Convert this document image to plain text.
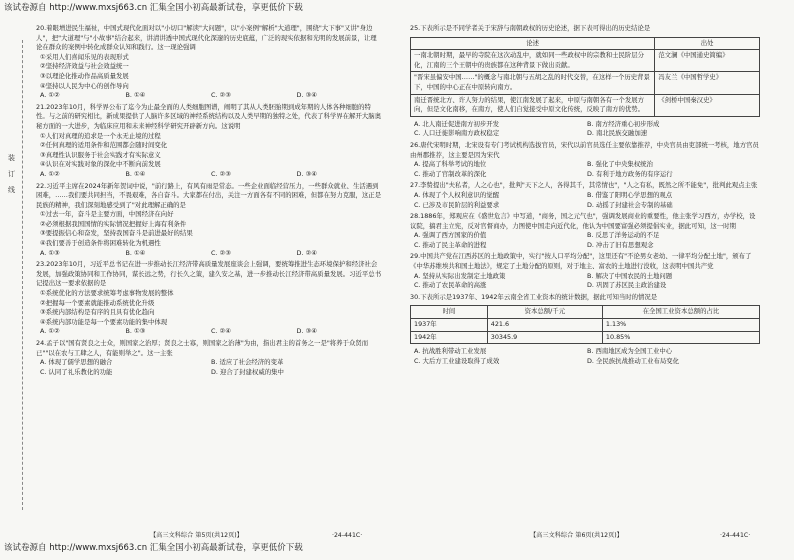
该试卷源自 http://www.mxsj663.cn 汇集全国小初高最新试卷，享更低价下载
装 订 线

20.着眼增进民生福祉，中国式现代化面对以"小切口"解读"大问题"，以"小案例"解析"大道理"，围绕"大下事"又讲"身边人"，把"大道理"与"小故事"结合起来，讲清讲透中国式现代化深邃的历史底蕴，广泛的现实依据和光明的发展前景，让理论在群众的案例中转化成群众认知和践行。这一现论强调

①采用人们喜闻乐见的表现形式

②坚持经济效益与社会效益统一

③以理论化推动作品高质量发展

④坚持以人民为中心的创作导向

A. ①②	B. ①④	C. ②③	D. ③④

21.2023年10月，科学界公布了迄今为止最全面的人类细胞图谱，阐明了其从人类胚胎期到成年期的人体各种细胞的特性。与之前的研究相比，新成果提供了人脑许多区域的神经系统结构以及人类早期的独特之处，代表了科学界在解开大脑奥秘方面的一大进步，为临床应用和未来神经科学研究开辟新方向。这说明

①人们对真理的追求是一个永无止境的过程

②任何真理的适用条件和范围都会随时间变化

③真理性认识服务于社会实践才有实际意义

④认识在对实践对象的深化中不断向前发展

A. ①②	B. ①④	C. ②③	D. ③④

22.习近平主席在2024年新年贺词中说，"前行路上，有风有雨是常态。一些企业面临经营压力，一些群众就业、生活遇到困难，……我们要共同担当，不畏艰难，各自奋斗。大家都在付出，关注一方面各有不同的困难，但都在努力克服，这正是民族的精神，我们深刻地感受到了"对此理解正确的是

①过去一年，奋斗是主要方面，中国经济在向好

②必须根据我国国情的实际情况把握好上海有利条件

③要提振信心和奋发，坚持我国奋斗是前进最好的结果

④我们要善于创造条件将困难转化为机遇性

A. ①③	B. ①④	C. ②③	D. ②④

23.2023年10月，习近平总书记在进一步推动长江经济带高质量发展座谈会上强调，要统筹推进生态环境保护和经济社会发展，加强政策协同和工作协同，谋长远之势，行长久之策，建久安之基，进一步推动长江经济带高质量发展。习近平总书记提出这一要求依据的是

①系统优化的方法要求统筹考虑事物发展的整体

②把握每一个要素就能推动系统优化升级

③系统内部结构是有序的且具有优化趋向

④系统内部功能是每一个要素功能的集中体现

A. ①②	B. ①③	C. ②④	D. ③④

24.孟子以"国有贤良之士众，则国家之治厚；贤良之士寡，则国家之治薄"为由，指出君主的首务之一是"将养于众贤而已""以在农与工肆之人，有能则举之"。这一主张

A. 体现了儒学思想的融合	B. 适应了社会经济的变革
C. 认同了礼乐教化的功能	D. 迎合了封建权威的集中
【高三文科综合 第5页(共12页)】	·24-441C·

25.下表所示是不同学者关于宋辞与南朝政权的历史论述，据下表可得出的历史结论是

论述	出处
一南北朝时期，最早的寺院在这次动乱中，就如同一些政权中的宗教和士民阶层分化，江南的三个王朝中的贵族都在这种背景下做出贡献。	范文澜《中国通史简编》
"晋宋虽偏安中国……"的概念与南北朝与五胡之乱的时代交替，在这样一个历史背景下，中国的中心正在中原转向南方。	冯友兰《中国哲学史》
南迁晋统北方、许人努力的结果，使江南发展了起来，中原与南朝各有一个发展方向，但是文化南移，在南方，使人们自觉接受中原文化传统，反映了南方的优势。	《剑桥中国秦汉史》
A. 北人南迁促进南方初步开发	B. 南方经济重心初步形成
C. 人口迁徙影响南方政权稳定	D. 南北民族交融加速

26.唐代宋明时期，北宋设有专门考试机构选拔官员，宋代以前官员选任主要依靠推荐，中央官员由吏部统一考核，地方官员由州郡推荐，这主要是因为宋代

A. 提高了科举考试的地位	B. 强化了中央集权统治
C. 推动了官制改革的深化	D. 有利于地方政务的有序运行

27.李贽提出"夫私者，人之心也"，批判"天下之人，各得其千，其常情也"，"人之有私，既然之所不能免"，批判此观点主张

A. 体现了个人权利意识的觉醒	B. 借鉴了阳明心学思想的观点
C. 已涉及市民阶层的利益要求	D. 动摇了封建社会专制的基础

28.1886年，郑观应在《盛世危言》中写道，"商务，国之元气也"，强调发展商业的重要性，他主张学习西方，办学校，设议院，搞君主立宪，反对官督商办，力图使中国走向近代化，他认为中国要富强必须提倡实业，据此可知，这一时期

A. 强调了西方国家的价值	B. 反思了洋务运动的不足
C. 推动了民主革命的进程	D. 冲击了旧有思想观念

29.中国共产党在江西苏区的土地政策中，实行"按人口平均分配"，这里还有"不论男女老幼、一律平均分配土地"，颁布了《中华苏维埃共和国土地法》，规定了土地分配的原则，对于地主、富农的土地进行没收，这表明中国共产党

A. 坚持从实际出发制定土地政策	B. 解决了中国农民的土地问题
C. 推动了农民革命的高涨	D. 巩固了苏区民主政治建设

30.下表所示是1937年、1942年云南全省工业资本的统计数据，据此可知当时的情况是

时间	资本总额/千元	在全国工业资本总额的占比
1937年	421.6	1.13%
1942年	30345.9	10.85%
A. 抗战胜利带动工业发展	B. 西南地区成为全国工业中心
C. 大后方工业建设取得了成效	D. 全民族抗战推动工业布局变化
【高三文科综合 第6页(共12页)】	·24-441C·
该试卷源自 http://www.mxsj663.cn 汇集全国小初高最新试卷，享更低价下载
